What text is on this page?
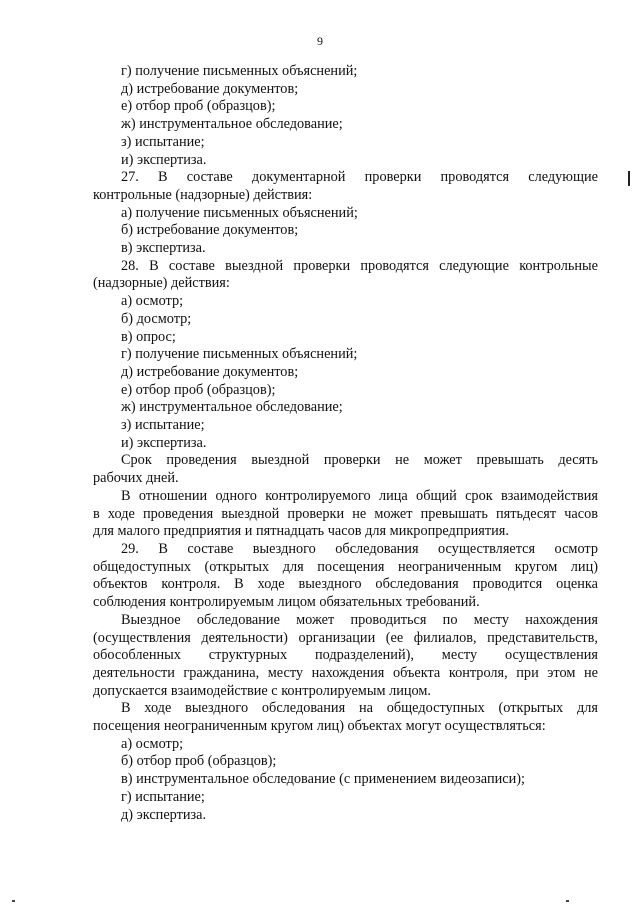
9

г) получение письменных объяснений;

д) истребование документов;

е) отбор проб (образцов);

ж) инструментальное обследование;

з) испытание;

и) экспертиза.

27. В составе документарной проверки проводятся следующие

контрольные (надзорные) действия:

а) получение письменных объяснений;

б) истребование документов;

в) экспертиза.

28. В составе выездной проверки проводятся следующие контрольные

(надзорные) действия:

а) осмотр;

б) досмотр;

в) опрос;

г) получение письменных объяснений;

д) истребование документов;

е) отбор проб (образцов);

ж) инструментальное обследование;

з) испытание;

и) экспертиза.

Срок проведения выездной проверки не может превышать десять

рабочих дней.

В отношении одного контролируемого лица общий срок взаимодействия

в ходе проведения выездной проверки не может превышать пятьдесят часов

для малого предприятия и пятнадцать часов для микропредприятия.

29. В составе выездного обследования осуществляется осмотр

общедоступных (открытых для посещения неограниченным кругом лиц)

объектов контроля. В ходе выездного обследования проводится оценка

соблюдения контролируемым лицом обязательных требований.

Выездное обследование может проводиться по месту нахождения

(осуществления деятельности) организации (ее филиалов, представительств,

обособленных структурных подразделений), месту осуществления

деятельности гражданина, месту нахождения объекта контроля, при этом не

допускается взаимодействие с контролируемым лицом.

В ходе выездного обследования на общедоступных (открытых для

посещения неограниченным кругом лиц) объектах могут осуществляться:

а) осмотр;

б) отбор проб (образцов);

в) инструментальное обследование (с применением видеозаписи);

г) испытание;

д) экспертиза.
